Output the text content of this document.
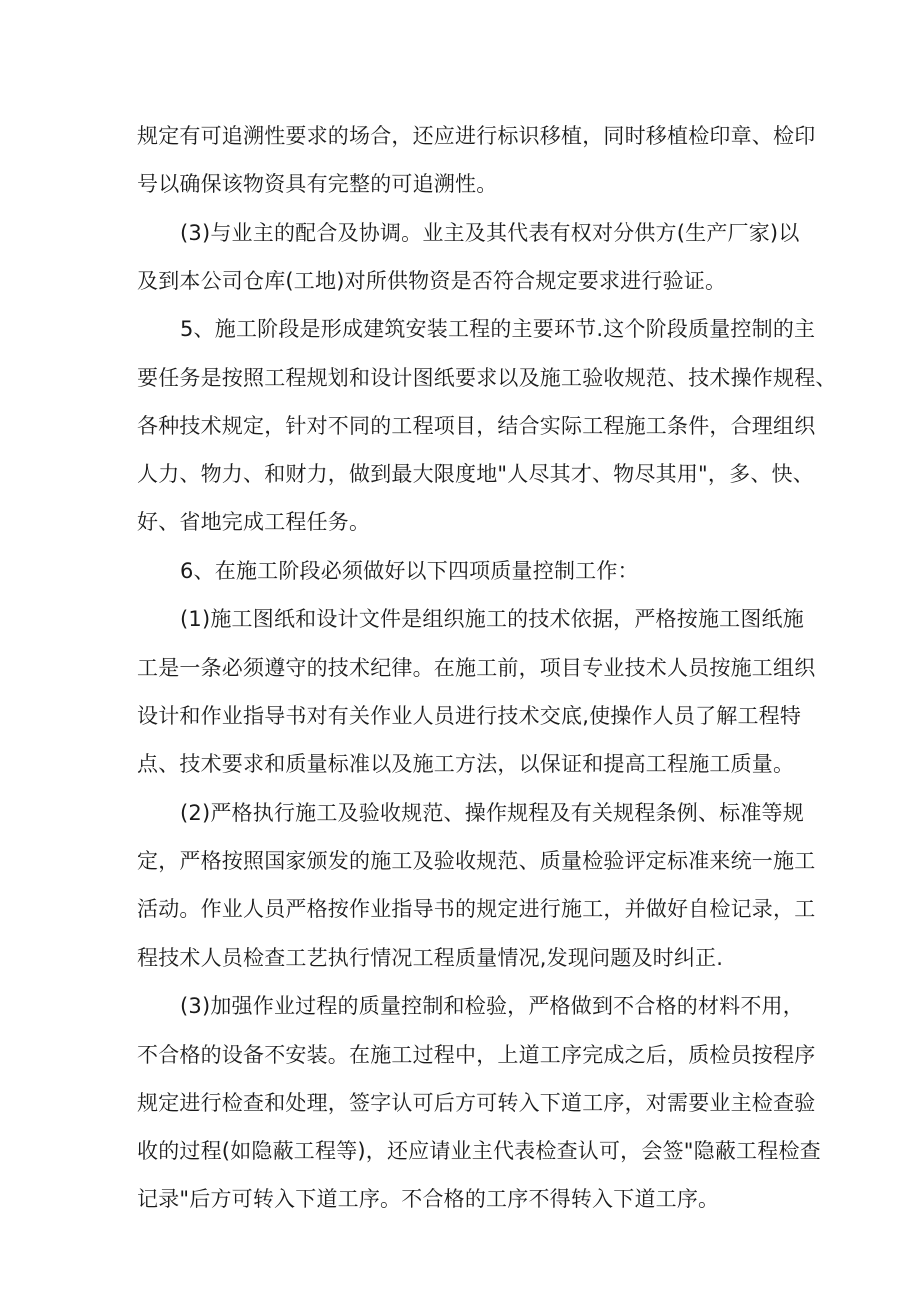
规定有可追溯性要求的场合，还应进行标识移植，同时移植检印章、检印
号以确保该物资具有完整的可追溯性。
(3)与业主的配合及协调。业主及其代表有权对分供方(生产厂家)以
及到本公司仓库(工地)对所供物资是否符合规定要求进行验证。
5、施工阶段是形成建筑安装工程的主要环节.这个阶段质量控制的主
要任务是按照工程规划和设计图纸要求以及施工验收规范、技术操作规程、
各种技术规定，针对不同的工程项目，结合实际工程施工条件，合理组织
人力、物力、和财力，做到最大限度地"人尽其才、物尽其用"，多、快、
好、省地完成工程任务。
6、在施工阶段必须做好以下四项质量控制工作：
(1)施工图纸和设计文件是组织施工的技术依据，严格按施工图纸施
工是一条必须遵守的技术纪律。在施工前，项目专业技术人员按施工组织
设计和作业指导书对有关作业人员进行技术交底,使操作人员了解工程特
点、技术要求和质量标准以及施工方法，以保证和提高工程施工质量。
(2)严格执行施工及验收规范、操作规程及有关规程条例、标准等规
定，严格按照国家颁发的施工及验收规范、质量检验评定标准来统一施工
活动。作业人员严格按作业指导书的规定进行施工，并做好自检记录，工
程技术人员检查工艺执行情况工程质量情况,发现问题及时纠正.
(3)加强作业过程的质量控制和检验，严格做到不合格的材料不用，
不合格的设备不安装。在施工过程中，上道工序完成之后，质检员按程序
规定进行检查和处理，签字认可后方可转入下道工序，对需要业主检查验
收的过程(如隐蔽工程等)，还应请业主代表检查认可，会签"隐蔽工程检查
记录"后方可转入下道工序。不合格的工序不得转入下道工序。
